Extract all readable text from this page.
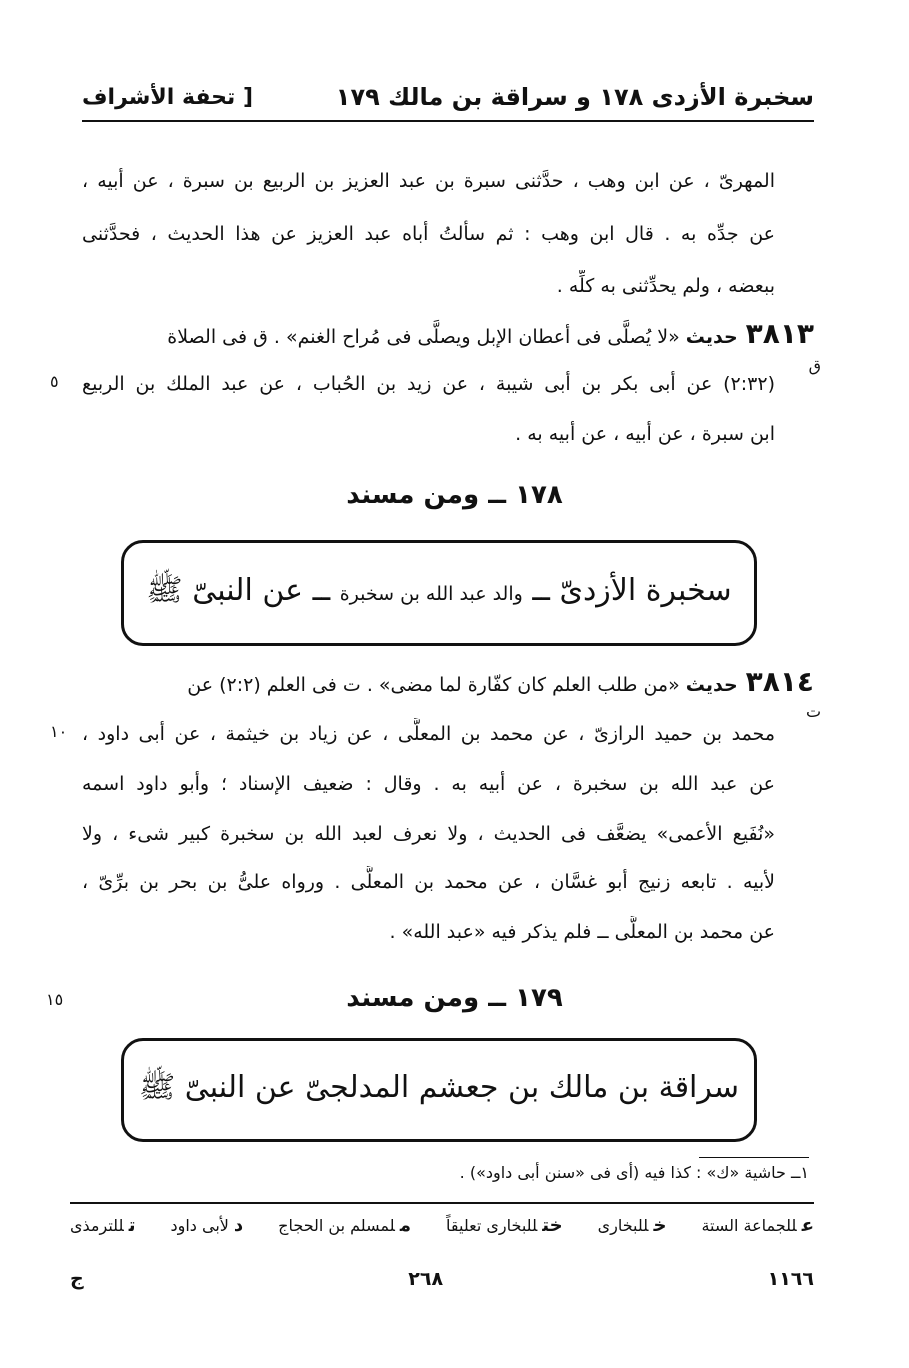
سخبرة الأزدى ١٧٨ و سراقة بن مالك ١٧٩
[ تحفة الأشراف
المهرىّ ، عن ابن وهب ، حدَّثنى سبرة بن عبد العزيز بن الربيع بن سبرة ، عن أبيه ،
عن جدِّه به . قال ابن وهب : ثم سألتُ أباه عبد العزيز عن هذا الحديث ، فحدَّثنى
ببعضه ، ولم يحدِّثنى به كلِّه .
٣٨١٣حديث«لا يُصلَّى فى أعطان الإبل ويصلَّى فى مُراح الغنم» . ق فى الصلاة
ق
(٢:٣٢) عن أبى بكر بن أبى شيبة ، عن زيد بن الحُباب ، عن عبد الملك بن الربيع
٥
ابن سبرة ، عن أبيه ، عن أبيه به .
١٧٨ ــ ومن مسند
سخبرة الأزدىّ ــ والد عبد الله بن سخبرة ــ عن النبىّ ﷺ
٣٨١٤حديث«من طلب العلم كان كفّارة لما مضى» . ت فى العلم (٢:٢) عن
ت
محمد بن حميد الرازىّ ، عن محمد بن المعلَّى ، عن زياد بن خيثمة ، عن أبى داود ،
١٠
عن عبد الله بن سخبرة ، عن أبيه به . وقال : ضعيف الإسناد ؛ وأبو داود اسمه
«نُفَيع الأعمى» يضعَّف فى الحديث ، ولا نعرف لعبد الله بن سخبرة كبير شىء ، ولا
لأبيه . تابعه زنيج أبو غسَّان ، عن محمد بن المعلَّى . ورواه علىُّ بن بحر بن برِّىّ ،
عن محمد بن المعلَّى ــ فلم يذكر فيه «عبد الله» .
١٥	١٧٩ ــ ومن مسند
سراقة بن مالك بن جعشم المدلجىّ عن النبىّ ﷺ
١ــ حاشية «ك» : كذا فيه (أى فى «سنن أبى داود») .
عللجماعة الستة
خللبخارى
ختللبخارى تعليقاً
ملمسلم بن الحجاج
دلأبى داود
تللترمذى
١١٦٦
٢٦٨
ج
